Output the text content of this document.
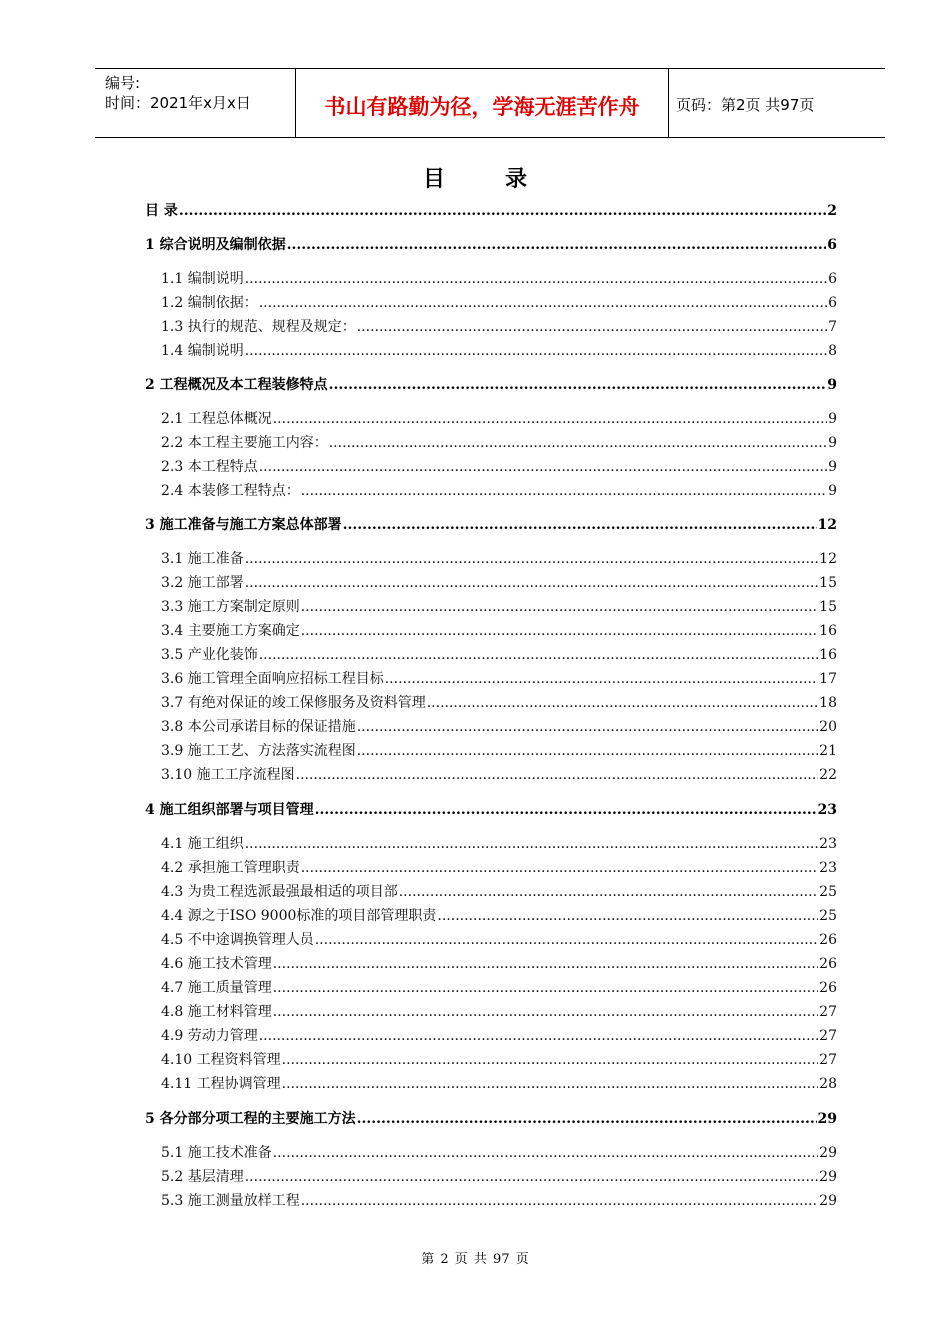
编号:
时间：2021年x月x日	书山有路勤为径，学海无涯苦作舟	页码：第2页 共97页
目录
目 录 .....	2
1 综合说明及编制依据 .....	6
1.1 编制说明 .....	6
1.2 编制依据： .....	6
1.3 执行的规范、规程及规定： .....	7
1.4 编制说明 .....	8
2 工程概况及本工程装修特点 .....	9
2.1 工程总体概况 .....	9
2.2 本工程主要施工内容： .....	9
2.3 本工程特点 .....	9
2.4 本装修工程特点： .....	9
3 施工准备与施工方案总体部署 .....	12
3.1 施工准备 .....	12
3.2 施工部署 .....	15
3.3 施工方案制定原则 .....	15
3.4 主要施工方案确定 .....	16
3.5 产业化装饰 .....	16
3.6 施工管理全面响应招标工程目标 .....	17
3.7 有绝对保证的竣工保修服务及资料管理 .....	18
3.8 本公司承诺目标的保证措施 .....	20
3.9 施工工艺、方法落实流程图 .....	21
3.10 施工工序流程图 .....	22
4 施工组织部署与项目管理 .....	23
4.1 施工组织 .....	23
4.2 承担施工管理职责 .....	23
4.3 为贵工程选派最强最相适的项目部 .....	25
4.4 源之于ISO 9000标准的项目部管理职责 .....	25
4.5 不中途调换管理人员 .....	26
4.6 施工技术管理 .....	26
4.7 施工质量管理 .....	26
4.8 施工材料管理 .....	27
4.9 劳动力管理 .....	27
4.10 工程资料管理 .....	27
4.11 工程协调管理 .....	28
5 各分部分项工程的主要施工方法 .....	29
5.1 施工技术准备 .....	29
5.2 基层清理 .....	29
5.3 施工测量放样工程 .....	29
第 2 页 共 97 页
